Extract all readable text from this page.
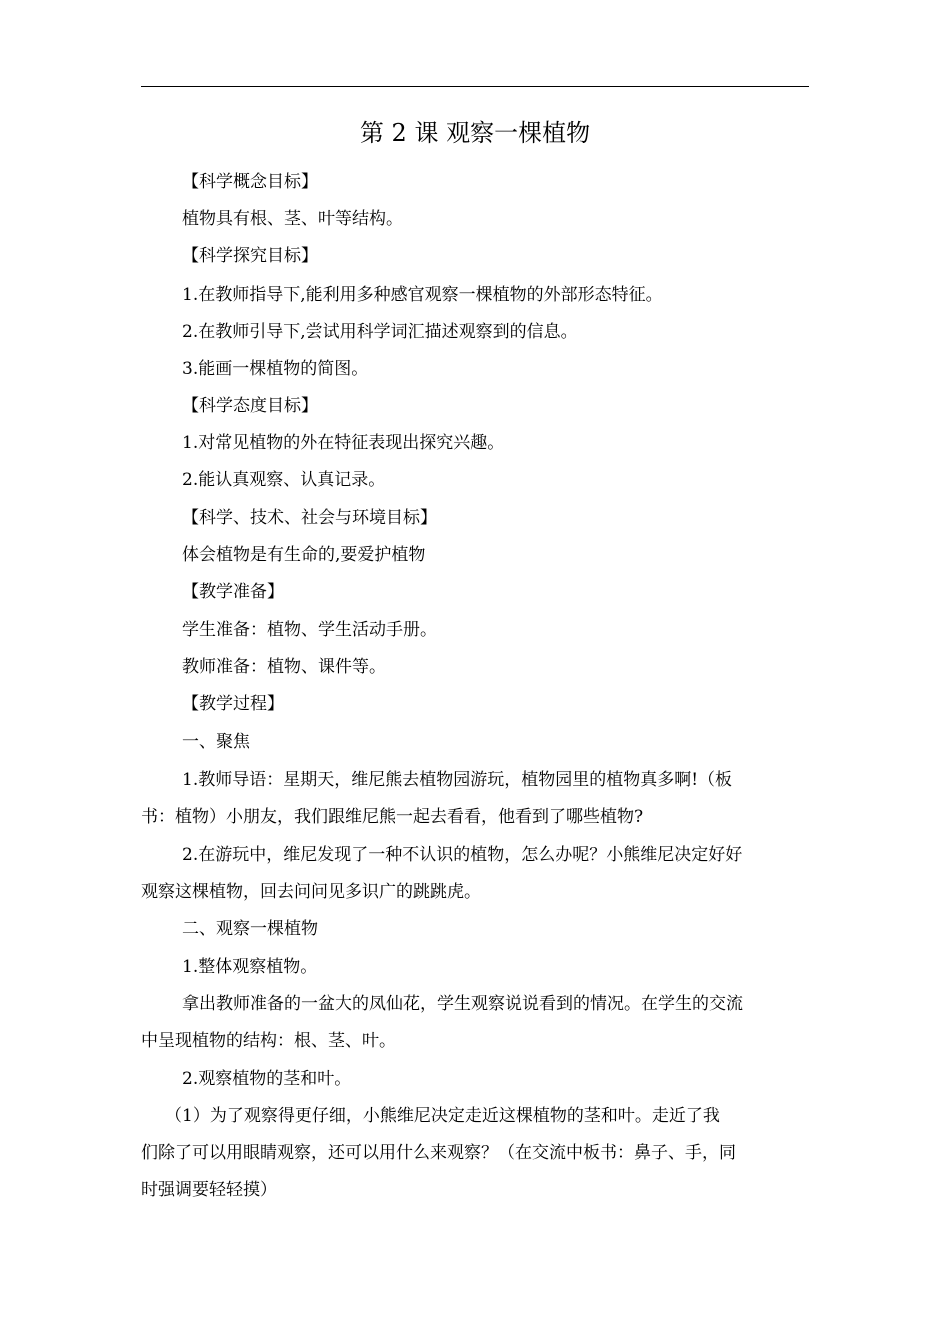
第 2 课 观察一棵植物
【科学概念目标】
植物具有根、茎、叶等结构。
【科学探究目标】
1.在教师指导下,能利用多种感官观察一棵植物的外部形态特征。
2.在教师引导下,尝试用科学词汇描述观察到的信息。
3.能画一棵植物的简图。
【科学态度目标】
1.对常见植物的外在特征表现出探究兴趣。
2.能认真观察、认真记录。
【科学、技术、社会与环境目标】
体会植物是有生命的,要爱护植物
【教学准备】
学生准备：植物、学生活动手册。
教师准备：植物、课件等。
【教学过程】
一、聚焦
1.教师导语：星期天，维尼熊去植物园游玩，植物园里的植物真多啊!（板
书：植物）小朋友，我们跟维尼熊一起去看看，他看到了哪些植物?
2.在游玩中，维尼发现了一种不认识的植物，怎么办呢？小熊维尼决定好好
观察这棵植物，回去问问见多识广的跳跳虎。
二、观察一棵植物
1.整体观察植物。
拿出教师准备的一盆大的凤仙花，学生观察说说看到的情况。在学生的交流
中呈现植物的结构：根、茎、叶。
2.观察植物的茎和叶。
（1）为了观察得更仔细，小熊维尼决定走近这棵植物的茎和叶。走近了我
们除了可以用眼睛观察，还可以用什么来观察？（在交流中板书：鼻子、手，同
时强调要轻轻摸）
